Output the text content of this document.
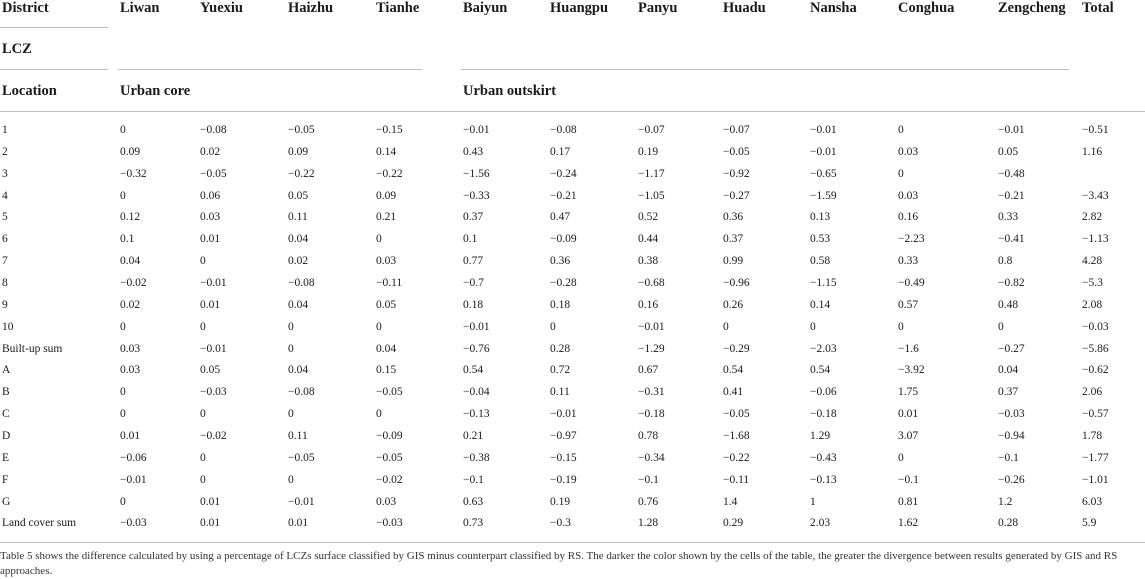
District
LCZ
Location	Urban core	Urban outskirt
Liwan	Yuexiu	Haizhu	Tianhe	Baiyun	Huangpu Panyu	Huadu	Nansha	Conghua	Zengcheng Total
1	0	−0.08	−0.05	−0.15	−0.01	−0.08	−0.07	−0.07	−0.01	0	−0.01	−0.51
2	0.09	0.02	0.09	0.14	0.43	0.17	0.19	−0.05	−0.01	0.03	0.05	1.16
3	−0.32	−0.05	−0.22	−0.22	−1.56	−0.24	−1.17	−0.92	−0.65	0	−0.48
4	0	0.06	0.05	0.09	−0.33	−0.21	−1.05	−0.27	−1.59	0.03	−0.21	−3.43
5	0.12	0.03	0.11	0.21	0.37	0.47	0.52	0.36	0.13	0.16	0.33	2.82
6	0.1	0.01	0.04	0	0.1	−0.09	0.44	0.37	0.53	−2.23	−0.41	−1.13
7	0.04	0	0.02	0.03	0.77	0.36	0.38	0.99	0.58	0.33	0.8	4.28
8	−0.02	−0.01	−0.08	−0.11	−0.7	−0.28	−0.68	−0.96	−1.15	−0.49	−0.82	−5.3
9	0.02	0.01	0.04	0.05	0.18	0.18	0.16	0.26	0.14	0.57	0.48	2.08
10	0	0	0	0	−0.01	0	−0.01	0	0	0	0	−0.03
Built-up sum	0.03	−0.01	0	0.04	−0.76	0.28	−1.29	−0.29	−2.03	−1.6	−0.27	−5.86
A	0.03	0.05	0.04	0.15	0.54	0.72	0.67	0.54	0.54	−3.92	0.04	−0.62
B	0	−0.03	−0.08	−0.05	−0.04	0.11	−0.31	0.41	−0.06	1.75	0.37	2.06
C	0	0	0	0	−0.13	−0.01	−0.18	−0.05	−0.18	0.01	−0.03	−0.57
D	0.01	−0.02	0.11	−0.09	0.21	−0.97	0.78	−1.68	1.29	3.07	−0.94	1.78
E	−0.06	0	−0.05	−0.05	−0.38	−0.15	−0.34	−0.22	−0.43	0	−0.1	−1.77
F	−0.01	0	0	−0.02	−0.1	−0.19	−0.1	−0.11	−0.13	−0.1	−0.26	−1.01
G	0	0.01	−0.01	0.03	0.63	0.19	0.76	1.4	1	0.81	1.2	6.03
Land cover sum	−0.03	0.01	0.01	−0.03	0.73	−0.3	1.28	0.29	2.03	1.62	0.28	5.9
Table 5 shows the difference calculated by using a percentage of LCZs surface classified by GIS minus counterpart classified by RS. The darker the color shown by the cells of the table, the greater the divergence between results generated by GIS and RS approaches.
